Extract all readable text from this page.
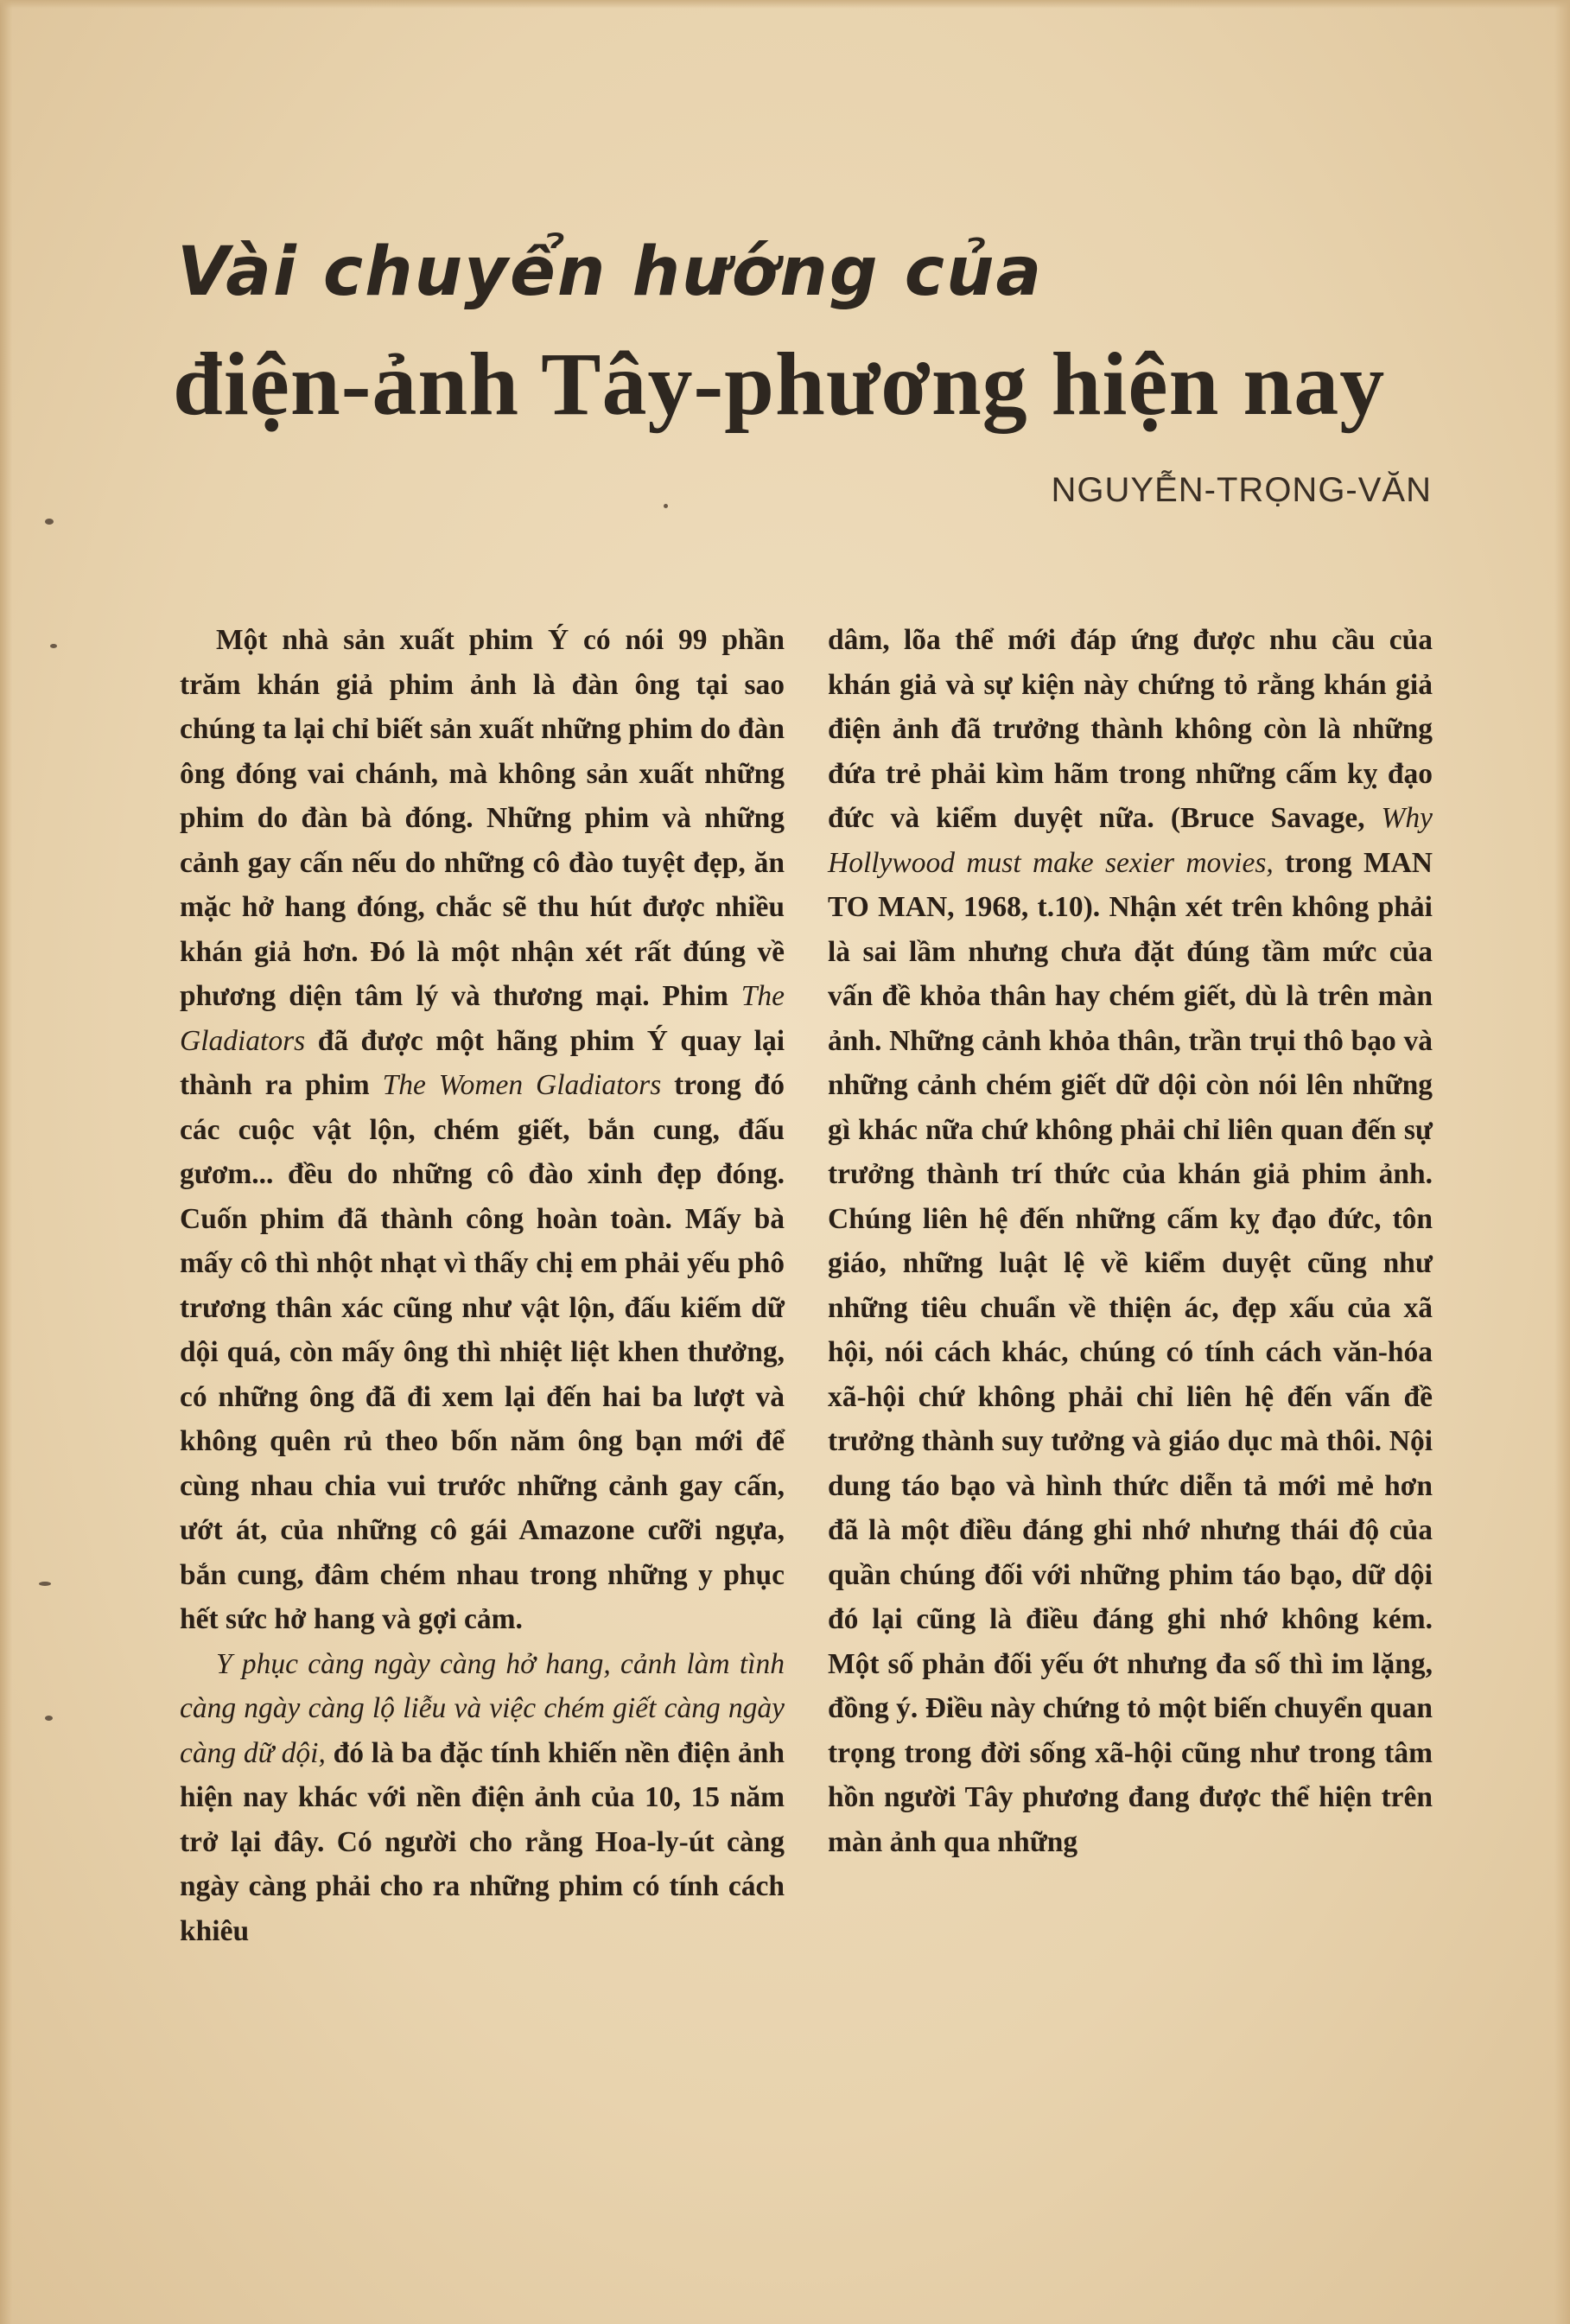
Vài chuyển hướng của
điện-ảnh Tây-phương hiện nay
NGUYỄN-TRỌNG-VĂN

Một nhà sản xuất phim Ý có nói 99 phần trăm khán giả phim ảnh là đàn ông tại sao chúng ta lại chỉ biết sản xuất những phim do đàn ông đóng vai chánh, mà không sản xuất những phim do đàn bà đóng. Những phim và những cảnh gay cấn nếu do những cô đào tuyệt đẹp, ăn mặc hở hang đóng, chắc sẽ thu hút được nhiều khán giả hơn. Đó là một nhận xét rất đúng về phương diện tâm lý và thương mại. Phim The Gladiators đã được một hãng phim Ý quay lại thành ra phim The Women Gladiators trong đó các cuộc vật lộn, chém giết, bắn cung, đấu gươm... đều do những cô đào xinh đẹp đóng. Cuốn phim đã thành công hoàn toàn. Mấy bà mấy cô thì nhột nhạt vì thấy chị em phải yếu phô trương thân xác cũng như vật lộn, đấu kiếm dữ dội quá, còn mấy ông thì nhiệt liệt khen thưởng, có những ông đã đi xem lại đến hai ba lượt và không quên rủ theo bốn năm ông bạn mới để cùng nhau chia vui trước những cảnh gay cấn, ướt át, của những cô gái Amazone cưỡi ngựa, bắn cung, đâm chém nhau trong những y phục hết sức hở hang và gợi cảm.

Y phục càng ngày càng hở hang, cảnh làm tình càng ngày càng lộ liễu và việc chém giết càng ngày càng dữ dội, đó là ba đặc tính khiến nền điện ảnh hiện nay khác với nền điện ảnh của 10, 15 năm trở lại đây. Có người cho rằng Hoa-ly-út càng ngày càng phải cho ra những phim có tính cách khiêu

dâm, lõa thể mới đáp ứng được nhu cầu của khán giả và sự kiện này chứng tỏ rằng khán giả điện ảnh đã trưởng thành không còn là những đứa trẻ phải kìm hãm trong những cấm kỵ đạo đức và kiểm duyệt nữa. (Bruce Savage, Why Hollywood must make sexier movies, trong MAN TO MAN, 1968, t.10). Nhận xét trên không phải là sai lầm nhưng chưa đặt đúng tầm mức của vấn đề khỏa thân hay chém giết, dù là trên màn ảnh. Những cảnh khỏa thân, trần trụi thô bạo và những cảnh chém giết dữ dội còn nói lên những gì khác nữa chứ không phải chỉ liên quan đến sự trưởng thành trí thức của khán giả phim ảnh. Chúng liên hệ đến những cấm kỵ đạo đức, tôn giáo, những luật lệ về kiểm duyệt cũng như những tiêu chuẩn về thiện ác, đẹp xấu của xã hội, nói cách khác, chúng có tính cách văn-hóa xã-hội chứ không phải chỉ liên hệ đến vấn đề trưởng thành suy tưởng và giáo dục mà thôi. Nội dung táo bạo và hình thức diễn tả mới mẻ hơn đã là một điều đáng ghi nhớ nhưng thái độ của quần chúng đối với những phim táo bạo, dữ dội đó lại cũng là điều đáng ghi nhớ không kém. Một số phản đối yếu ớt nhưng đa số thì im lặng, đồng ý. Điều này chứng tỏ một biến chuyển quan trọng trong đời sống xã-hội cũng như trong tâm hồn người Tây phương đang được thể hiện trên màn ảnh qua những
